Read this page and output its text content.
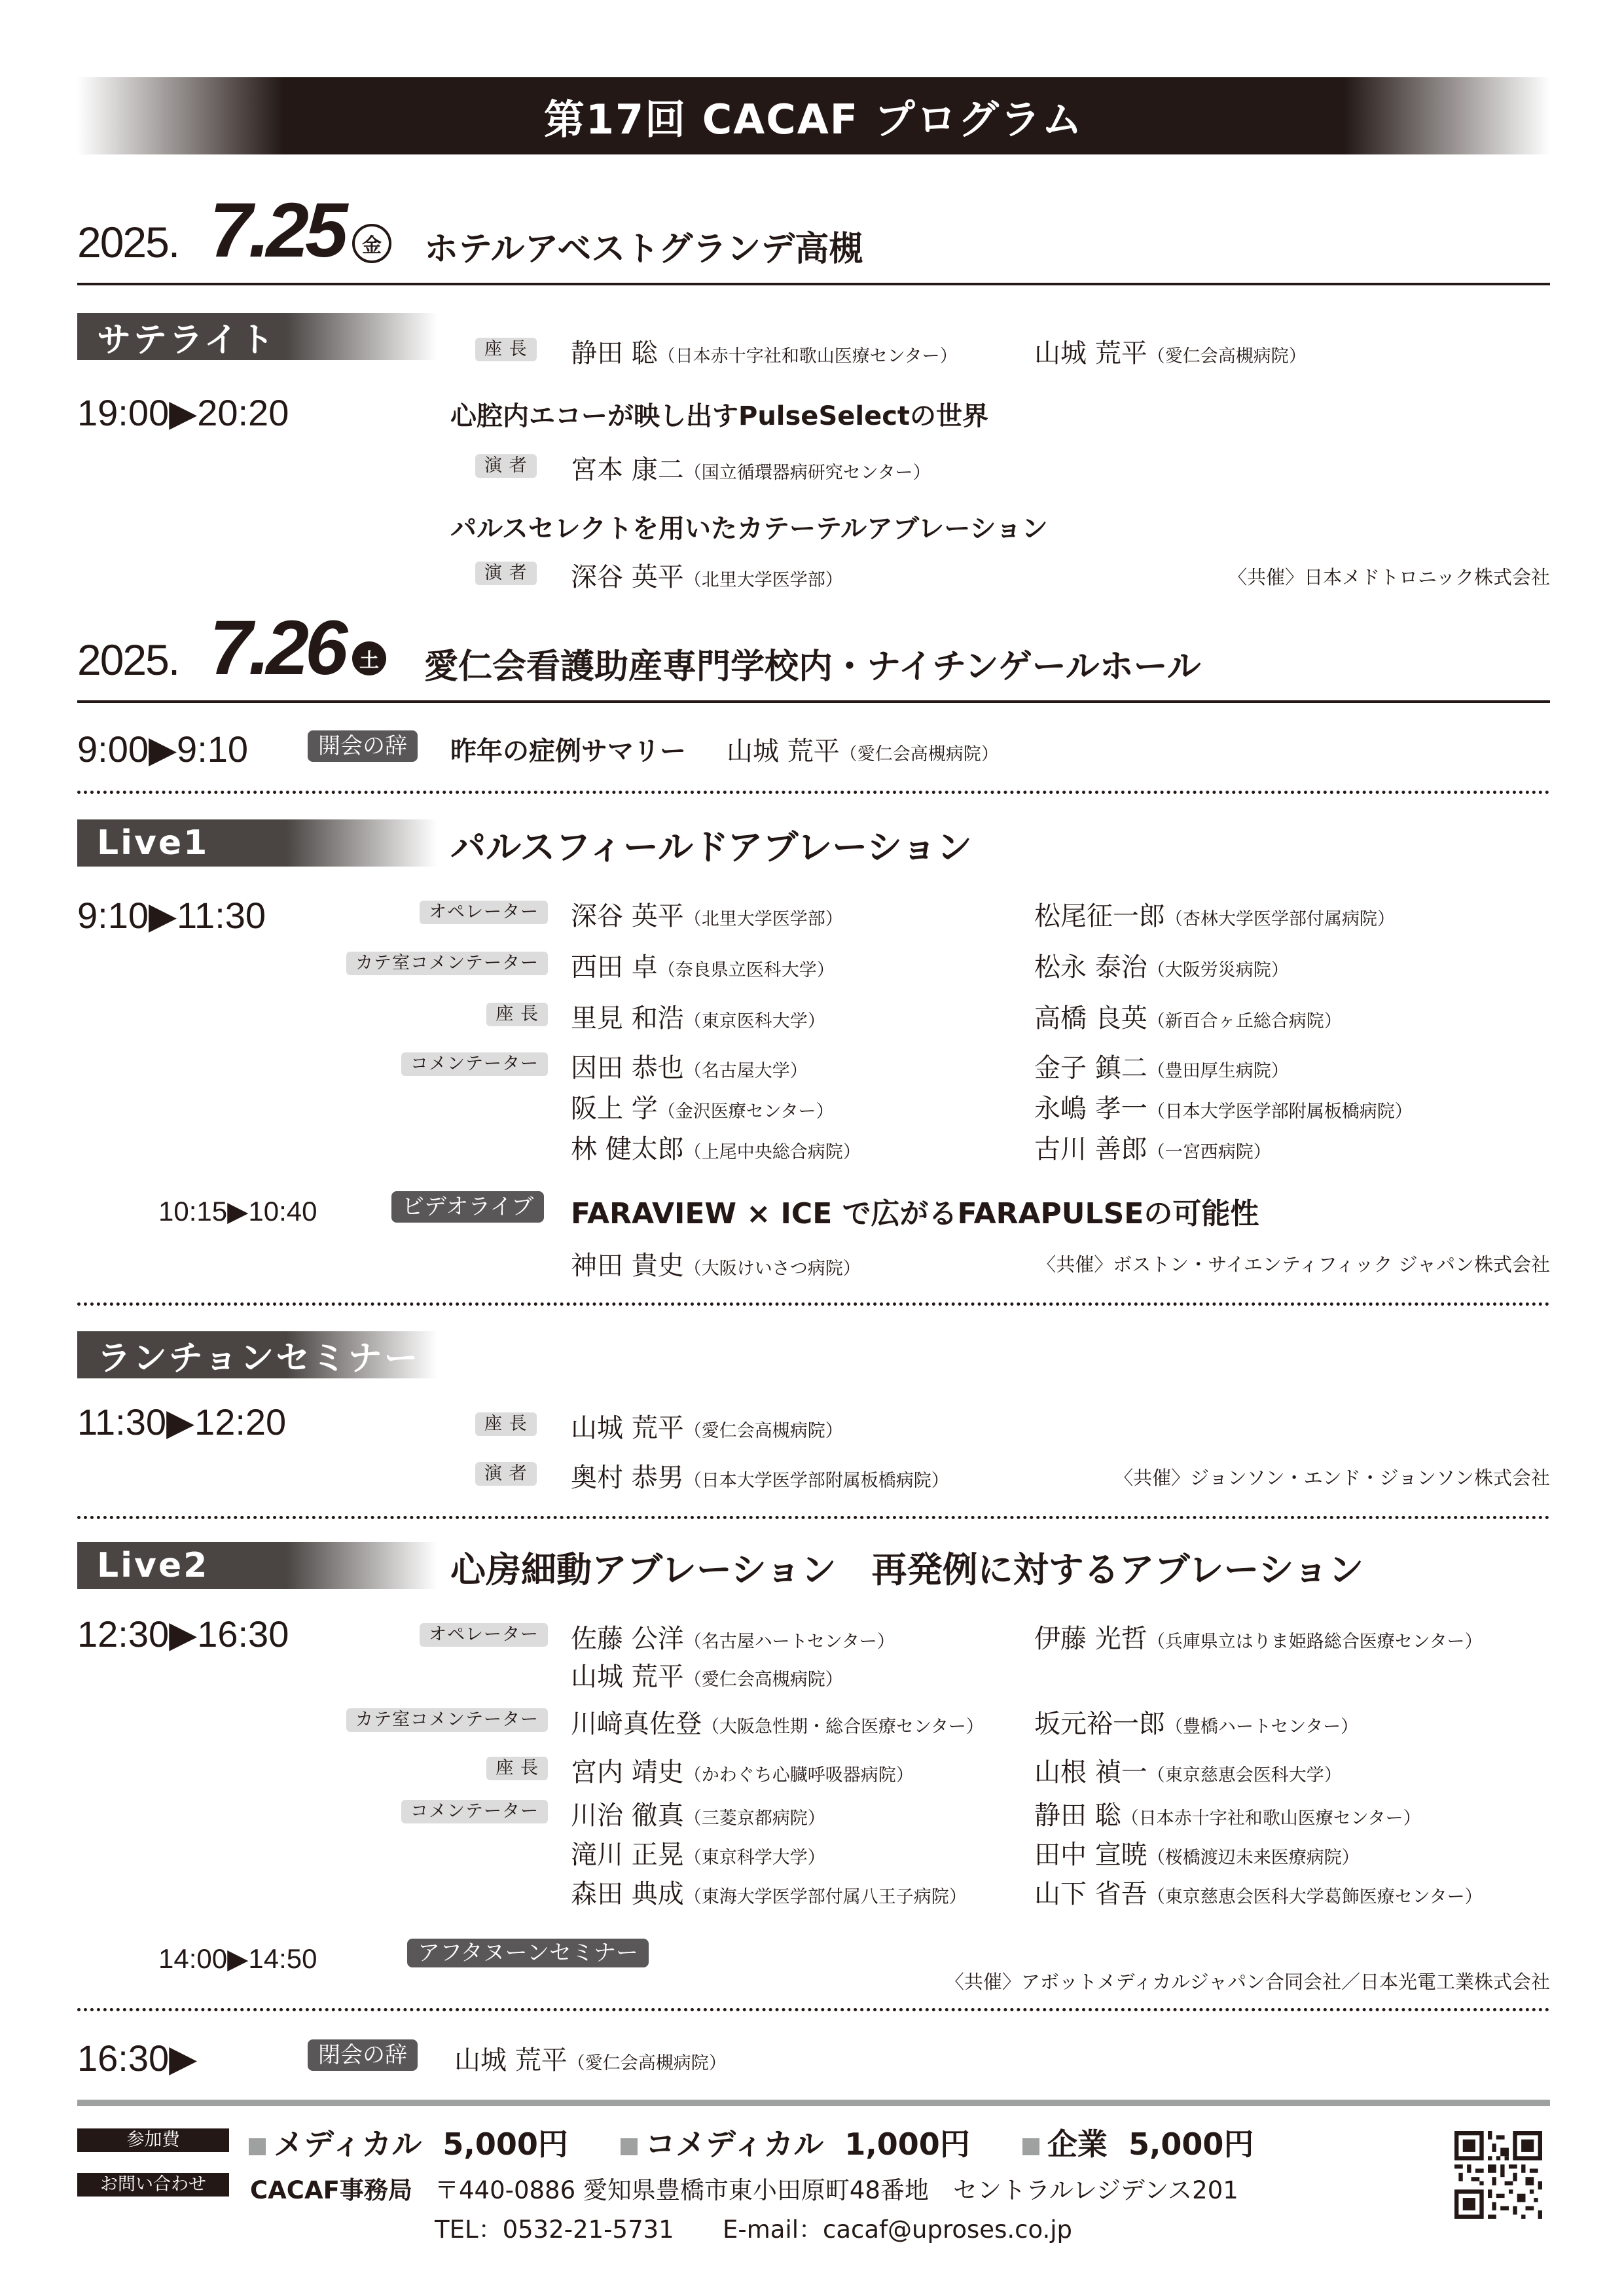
第17回 CACAF プログラム
2025. 7.25 金 ホテルアベストグランデ高槻
サテライト	座 長	静田 聡（日本赤十字社和歌山医療センター）	山城 荒平（愛仁会高槻病院）
19:00▶20:20	心腔内エコーが映し出すPulseSelectの世界
演 者	宮本 康二（国立循環器病研究センター）
パルスセレクトを用いたカテーテルアブレーション
演 者	深谷 英平（北里大学医学部）	〈共催〉日本メドトロニック株式会社
2025. 7.26 土 愛仁会看護助産専門学校内・ナイチンゲールホール
9:00▶9:10	開会の辞	昨年の症例サマリー 山城 荒平（愛仁会高槻病院）
Live1	パルスフィールドアブレーション
9:10▶11:30	オペレーター	深谷 英平（北里大学医学部）	松尾征一郎（杏林大学医学部付属病院）
カテ室コメンテーター	西田 卓（奈良県立医科大学）	松永 泰治（大阪労災病院）
座 長	里見 和浩（東京医科大学）	高橋 良英（新百合ヶ丘総合病院）
コメンテーター	因田 恭也（名古屋大学）	金子 鎮二（豊田厚生病院）
阪上 学（金沢医療センター）	永嶋 孝一（日本大学医学部附属板橋病院）
林 健太郎（上尾中央総合病院）	古川 善郎（一宮西病院）
10:15▶10:40	ビデオライブ	FARAVIEW × ICE で広がるFARAPULSEの可能性
神田 貴史（大阪けいさつ病院）	〈共催〉ボストン・サイエンティフィック ジャパン株式会社
ランチョンセミナー
11:30▶12:20	座 長	山城 荒平（愛仁会高槻病院）
演 者	奥村 恭男（日本大学医学部附属板橋病院）	〈共催〉ジョンソン・エンド・ジョンソン株式会社
Live2	心房細動アブレーション　再発例に対するアブレーション
12:30▶16:30	オペレーター	佐藤 公洋（名古屋ハートセンター）	伊藤 光哲（兵庫県立はりま姫路総合医療センター）
山城 荒平（愛仁会高槻病院）
カテ室コメンテーター	川﨑真佐登（大阪急性期・総合医療センター） 坂元裕一郎（豊橋ハートセンター）
座 長	宮内 靖史（かわぐち心臓呼吸器病院）	山根 禎一（東京慈恵会医科大学）
コメンテーター	川治 徹真（三菱京都病院）	静田 聡（日本赤十字社和歌山医療センター）
滝川 正晃（東京科学大学）	田中 宣暁（桜橋渡辺未来医療病院）
森田 典成（東海大学医学部付属八王子病院）	山下 省吾（東京慈恵会医科大学葛飾医療センター）
14:00▶14:50	アフタヌーンセミナー
〈共催〉アボットメディカルジャパン合同会社／日本光電工業株式会社
16:30▶	閉会の辞	山城 荒平（愛仁会高槻病院）
参加費	メディカル 5,000円	コメディカル 1,000円	企業 5,000円
お問い合わせ	CACAF事務局 〒440-0886 愛知県豊橋市東小田原町48番地　セントラルレジデンス201
TEL：0532-21-5731 E-mail：cacaf@uproses.co.jp
